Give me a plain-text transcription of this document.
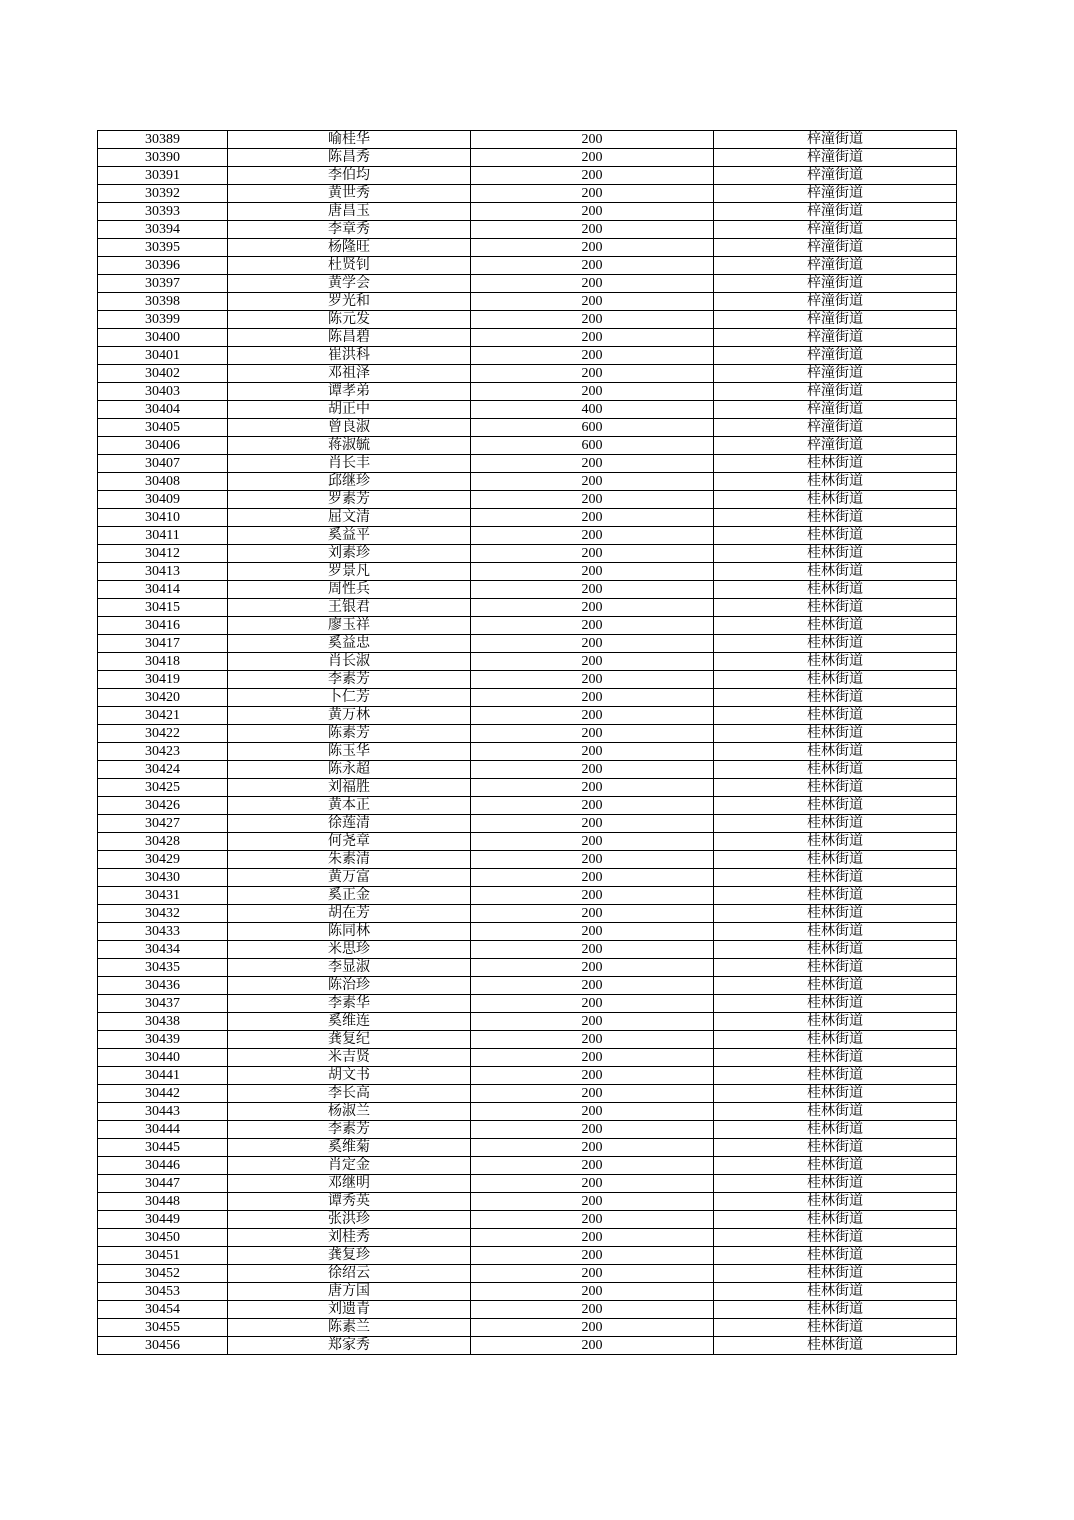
30389	喻桂华	200	梓潼街道
30390	陈昌秀	200	梓潼街道
30391	李伯均	200	梓潼街道
30392	黄世秀	200	梓潼街道
30393	唐昌玉	200	梓潼街道
30394	李章秀	200	梓潼街道
30395	杨隆旺	200	梓潼街道
30396	杜贤钊	200	梓潼街道
30397	黄学会	200	梓潼街道
30398	罗光和	200	梓潼街道
30399	陈元发	200	梓潼街道
30400	陈昌碧	200	梓潼街道
30401	崔洪科	200	梓潼街道
30402	邓祖泽	200	梓潼街道
30403	谭孝弟	200	梓潼街道
30404	胡正中	400	梓潼街道
30405	曾良淑	600	梓潼街道
30406	蒋淑毓	600	梓潼街道
30407	肖长丰	200	桂林街道
30408	邱继珍	200	桂林街道
30409	罗素芳	200	桂林街道
30410	屈文清	200	桂林街道
30411	奚益平	200	桂林街道
30412	刘素珍	200	桂林街道
30413	罗景凡	200	桂林街道
30414	周性兵	200	桂林街道
30415	王银君	200	桂林街道
30416	廖玉祥	200	桂林街道
30417	奚益忠	200	桂林街道
30418	肖长淑	200	桂林街道
30419	李素芳	200	桂林街道
30420	卜仁芳	200	桂林街道
30421	黄万林	200	桂林街道
30422	陈素芳	200	桂林街道
30423	陈玉华	200	桂林街道
30424	陈永超	200	桂林街道
30425	刘福胜	200	桂林街道
30426	黄本正	200	桂林街道
30427	徐莲清	200	桂林街道
30428	何尧章	200	桂林街道
30429	朱素清	200	桂林街道
30430	黄万富	200	桂林街道
30431	奚正金	200	桂林街道
30432	胡在芳	200	桂林街道
30433	陈同林	200	桂林街道
30434	米思珍	200	桂林街道
30435	李显淑	200	桂林街道
30436	陈治珍	200	桂林街道
30437	李素华	200	桂林街道
30438	奚维连	200	桂林街道
30439	龚复纪	200	桂林街道
30440	米吉贤	200	桂林街道
30441	胡文书	200	桂林街道
30442	李长高	200	桂林街道
30443	杨淑兰	200	桂林街道
30444	李素芳	200	桂林街道
30445	奚维菊	200	桂林街道
30446	肖定金	200	桂林街道
30447	邓继明	200	桂林街道
30448	谭秀英	200	桂林街道
30449	张洪珍	200	桂林街道
30450	刘桂秀	200	桂林街道
30451	龚复珍	200	桂林街道
30452	徐绍云	200	桂林街道
30453	唐方国	200	桂林街道
30454	刘遗青	200	桂林街道
30455	陈素兰	200	桂林街道
30456	郑家秀	200	桂林街道
